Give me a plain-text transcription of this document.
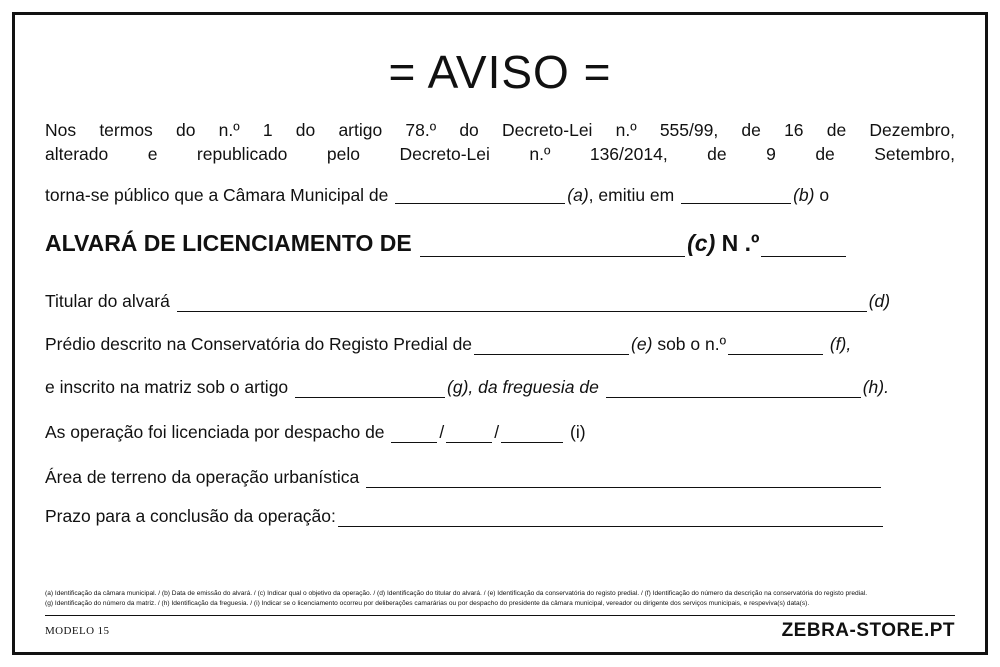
= AVISO =
Nos termos do n.º 1 do artigo 78.º do Decreto-Lei n.º 555/99, de 16 de Dezembro,
alterado e republicado pelo Decreto-Lei n.º 136/2014, de 9 de Setembro,
torna-se público que a Câmara Municipal de	(a), emitiu em	(b) o
ALVARÁ DE LICENCIAMENTO DE	(c) N .º
Titular do alvará	(d)
Prédio descrito na Conservatória do Registo Predial de	(e) sob o n.º	(f),
e inscrito na matriz sob o artigo	(g), da freguesia de	(h).
As operação foi licenciada por despacho de	/	/	(i)
Área de terreno da operação urbanística
Prazo para a conclusão da operação:
(a) Identificação da câmara municipal. / (b) Data de emissão do alvará. / (c) Indicar qual o objetivo da operação. / (d) Identificação do titular do alvará. / (e) Identificação da conservatória do registo predial. / (f) Identificação do número da descrição na conservatória do registo predial.
(g) Identificação do número da matriz. / (h) Identificação da freguesia. / (i) Indicar se o licenciamento ocorreu por deliberações camarárias ou por despacho do presidente da câmara municipal, vereador ou dirigente dos serviços municipais, e respeviva(s) data(s).
MODELO 15	ZEBRA-STORE.PT
